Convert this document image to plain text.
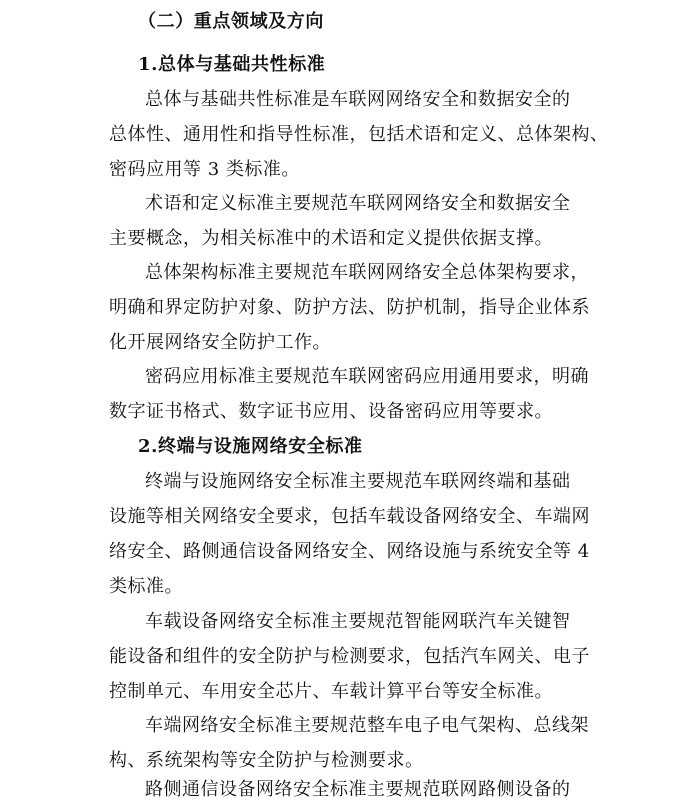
（二）重点领域及方向
1.总体与基础共性标准
总体与基础共性标准是车联网网络安全和数据安全的
总体性、通用性和指导性标准，包括术语和定义、总体架构、
密码应用等 3 类标准。
术语和定义标准主要规范车联网网络安全和数据安全
主要概念，为相关标准中的术语和定义提供依据支撑。
总体架构标准主要规范车联网网络安全总体架构要求，
明确和界定防护对象、防护方法、防护机制，指导企业体系
化开展网络安全防护工作。
密码应用标准主要规范车联网密码应用通用要求，明确
数字证书格式、数字证书应用、设备密码应用等要求。
2.终端与设施网络安全标准
终端与设施网络安全标准主要规范车联网终端和基础
设施等相关网络安全要求，包括车载设备网络安全、车端网
络安全、路侧通信设备网络安全、网络设施与系统安全等 4
类标准。
车载设备网络安全标准主要规范智能网联汽车关键智
能设备和组件的安全防护与检测要求，包括汽车网关、电子
控制单元、车用安全芯片、车载计算平台等安全标准。
车端网络安全标准主要规范整车电子电气架构、总线架
构、系统架构等安全防护与检测要求。
路侧通信设备网络安全标准主要规范联网路侧设备的
